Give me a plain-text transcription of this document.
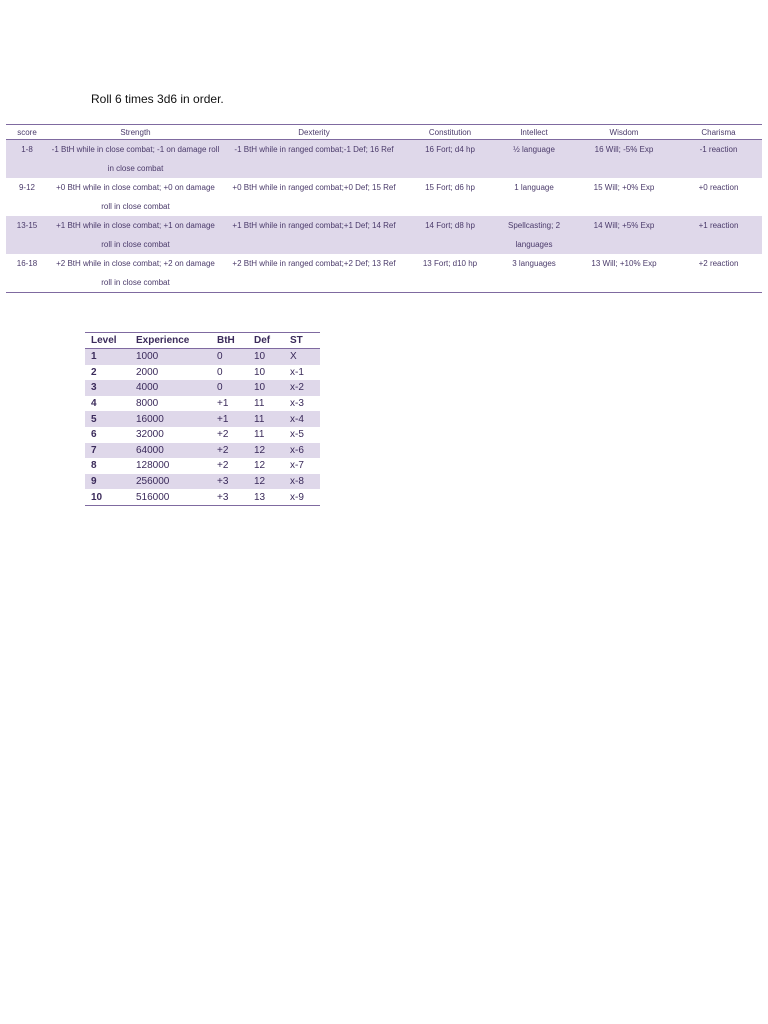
Roll 6 times 3d6 in order.
score	Strength	Dexterity	Constitution	Intellect	Wisdom	Charisma
1-8	-1 BtH while in close combat; -1 on damage roll in close combat	-1 BtH while in ranged combat;-1 Def; 16 Ref	16 Fort; d4 hp	½ language	16 Will; -5% Exp	-1 reaction
9-12	+0 BtH while in close combat; +0 on damage roll in close combat	+0 BtH while in ranged combat;+0 Def; 15 Ref	15 Fort; d6 hp	1 language	15 Will; +0% Exp	+0 reaction
13-15	+1 BtH while in close combat; +1 on damage roll in close combat	+1 BtH while in ranged combat;+1 Def; 14 Ref	14 Fort; d8 hp	Spellcasting; 2 languages	14 Will; +5% Exp	+1 reaction
16-18	+2 BtH while in close combat; +2 on damage roll in close combat	+2 BtH while in ranged combat;+2 Def; 13 Ref	13 Fort; d10 hp	3 languages	13 Will; +10% Exp	+2 reaction
Level	Experience	BtH	Def	ST
1	1000	0	10	X
2	2000	0	10	x-1
3	4000	0	10	x-2
4	8000	+1	11	x-3
5	16000	+1	11	x-4
6	32000	+2	11	x-5
7	64000	+2	12	x-6
8	128000	+2	12	x-7
9	256000	+3	12	x-8
10	516000	+3	13	x-9
